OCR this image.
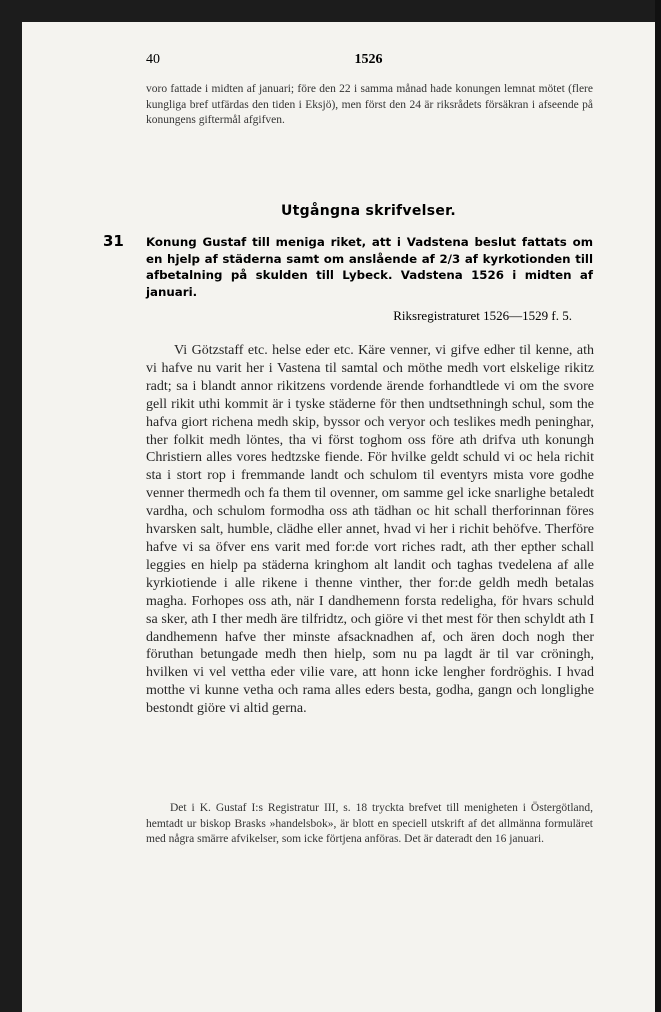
40	1526
voro fattade i midten af januari; före den 22 i samma månad hade konungen lemnat mötet (flere kungliga bref utfärdas den tiden i Eksjö), men först den 24 är riksrådets försäkran i afseende på konungens giftermål afgifven.
Utgångna skrifvelser.
31 Konung Gustaf till meniga riket, att i Vadstena beslut fattats om en hjelp af städerna samt om anslående af 2/3 af kyrkotionden till afbetalning på skulden till Lybeck. Vadstena 1526 i midten af januari.
Riksregistraturet 1526—1529 f. 5.
Vi Götzstaff etc. helse eder etc. Käre venner, vi gifve edher til kenne, ath vi hafve nu varit her i Vastena til samtal och möthe medh vort elskelige rikitz radt; sa i blandt annor rikitzens vordende ärende forhandtlede vi om the svore gell rikit uthi kommit är i tyske städerne för then undtsethningh schul, som the hafva giort richena medh skip, byssor och veryor och teslikes medh peninghar, ther folkit medh löntes, tha vi först toghom oss före ath drifva uth konungh Christiern alles vores hedtzske fiende. För hvilke geldt schuld vi oc hela richit sta i stort rop i fremmande landt och schulom til eventyrs mista vore godhe venner thermedh och fa them til ovenner, om samme gel icke snarlighe betaledt vardha, och schulom formodha oss ath tädhan oc hit schall therforinnan föres hvarsken salt, humble, clädhe eller annet, hvad vi her i richit behöfve. Therföre hafve vi sa öfver ens varit med for:de vort riches radt, ath ther epther schall leggies en hielp pa städerna kringhom alt landit och taghas tvedelena af alle kyrkiotiende i alle rikene i thenne vinther, ther for:de geldh medh betalas magha. Forhopes oss ath, när I dandhemenn forsta redeligha, för hvars schuld sa sker, ath I ther medh äre tilfridtz, och giöre vi thet mest för then schyldt ath I dandhemenn hafve ther minste afsacknadhen af, och ären doch nogh ther föruthan betungade medh then hielp, som nu pa lagdt är til var cröningh, hvilken vi vel vettha eder vilie vare, att honn icke lengher fordröghis. I hvad motthe vi kunne vetha och rama alles eders besta, godha, gangn och longlighe bestondt giöre vi altid gerna.
Det i K. Gustaf I:s Registratur III, s. 18 tryckta brefvet till menigheten i Östergötland, hemtadt ur biskop Brasks »handelsbok», är blott en speciell utskrift af det allmänna formuläret med några smärre afvikelser, som icke förtjena anföras. Det är dateradt den 16 januari.
